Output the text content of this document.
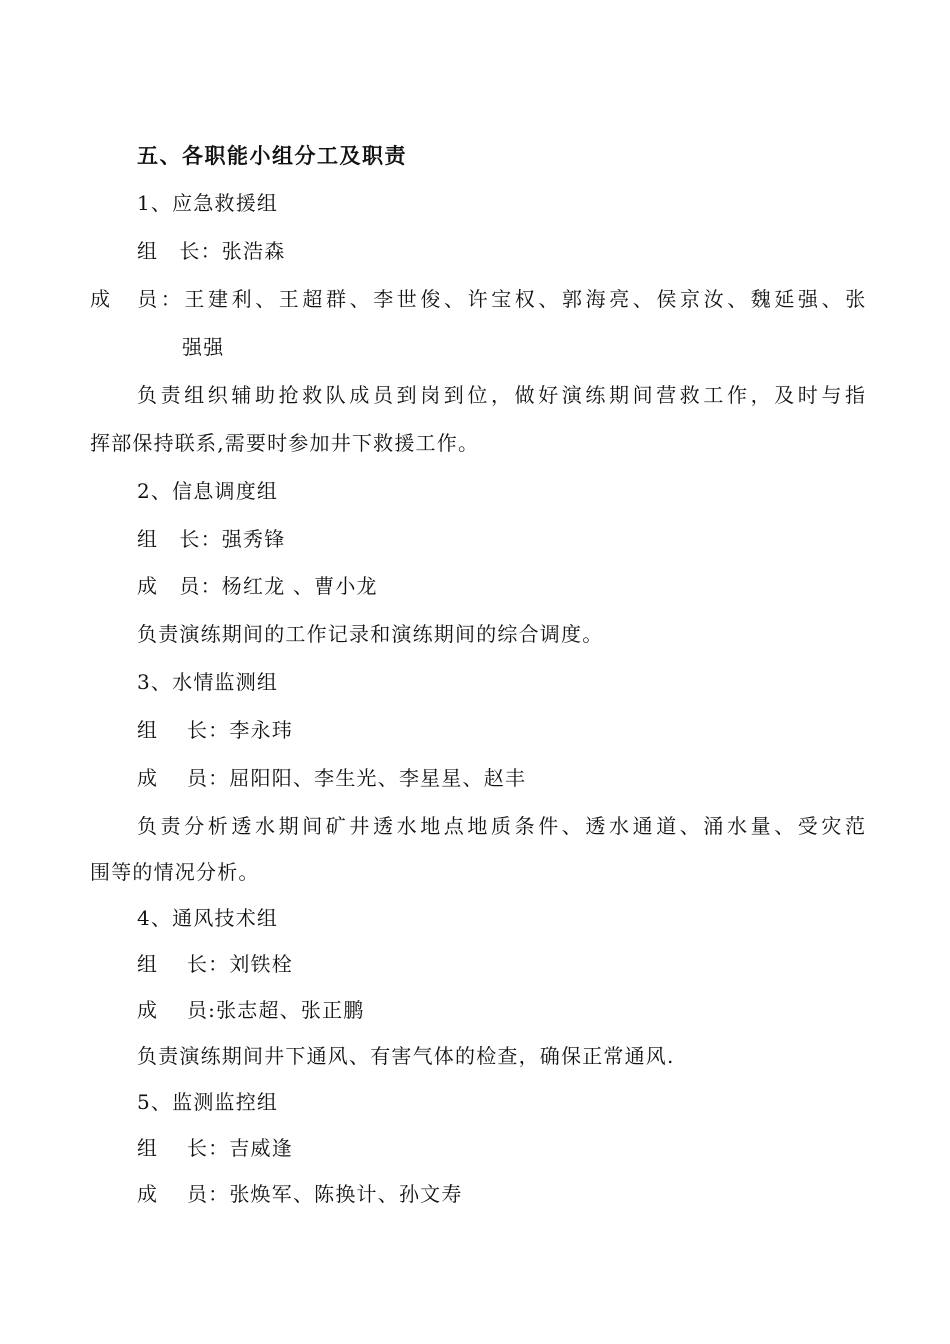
五、各职能小组分工及职责
1、应急救援组
组　长：张浩森
成　员：王建利、王超群、李世俊、许宝权、郭海亮、侯京汝、魏延强、张
强强
负责组织辅助抢救队成员到岗到位，做好演练期间营救工作，及时与指
挥部保持联系,需要时参加井下救援工作。
2、信息调度组
组　长：强秀锋
成　员：杨红龙 、曹小龙
负责演练期间的工作记录和演练期间的综合调度。
3、水情监测组
组　 长：李永玮
成　 员：屈阳阳、李生光、李星星、赵丰
负责分析透水期间矿井透水地点地质条件、透水通道、涌水量、受灾范
围等的情况分析。
4、通风技术组
组　 长：刘铁栓
成　 员:张志超、张正鹏
负责演练期间井下通风、有害气体的检查，确保正常通风.
5、监测监控组
组　 长：吉威逢
成　 员：张焕军、陈换计、孙文寿
